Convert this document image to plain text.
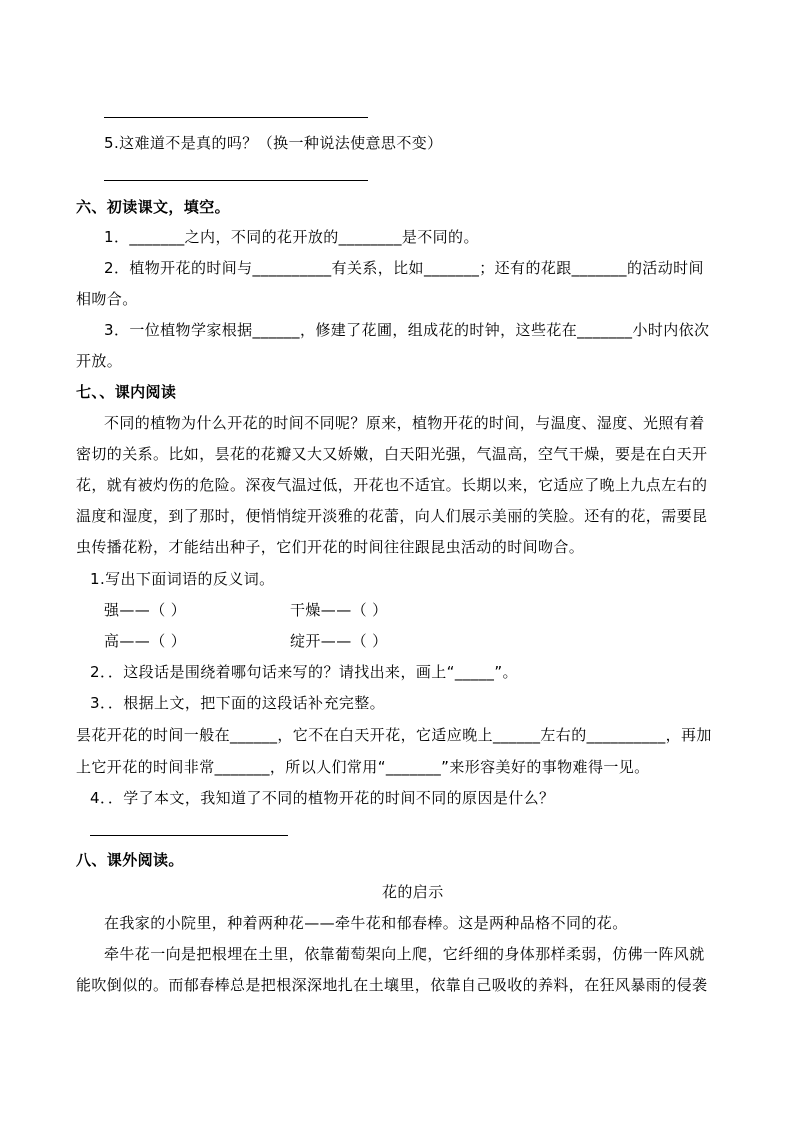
5.这难道不是真的吗？（换一种说法使意思不变）
六、初读课文，填空。
1．_______之内，不同的花开放的________是不同的。
2．植物开花的时间与__________有关系，比如_______；还有的花跟_______的活动时间
相吻合。
3．一位植物学家根据______，修建了花圃，组成花的时钟，这些花在_______小时内依次
开放。
七、、课内阅读
不同的植物为什么开花的时间不同呢？原来，植物开花的时间，与温度、湿度、光照有着
密切的关系。比如，昙花的花瓣又大又娇嫩，白天阳光强，气温高，空气干燥，要是在白天开
花，就有被灼伤的危险。深夜气温过低，开花也不适宜。长期以来，它适应了晚上九点左右的
温度和湿度，到了那时，便悄悄绽开淡雅的花蕾，向人们展示美丽的笑脸。还有的花，需要昆
虫传播花粉，才能结出种子，它们开花的时间往往跟昆虫活动的时间吻合。
1.写出下面词语的反义词。
强——（ ）	干燥——（ ）
高——（ ）	绽开——（ ）
2．．这段话是围绕着哪句话来写的？请找出来，画上“_____”。
3．．根据上文，把下面的这段话补充完整。
昙花开花的时间一般在______，它不在白天开花，它适应晚上______左右的__________，再加
上它开花的时间非常_______，所以人们常用“_______”来形容美好的事物难得一见。
4．．学了本文，我知道了不同的植物开花的时间不同的原因是什么？
八、课外阅读。
花的启示
在我家的小院里，种着两种花——牵牛花和郁春棒。这是两种品格不同的花。
牵牛花一向是把根埋在土里，依靠葡萄架向上爬，它纤细的身体那样柔弱，仿佛一阵风就
能吹倒似的。而郁春棒总是把根深深地扎在土壤里，依靠自己吸收的养料，在狂风暴雨的侵袭
